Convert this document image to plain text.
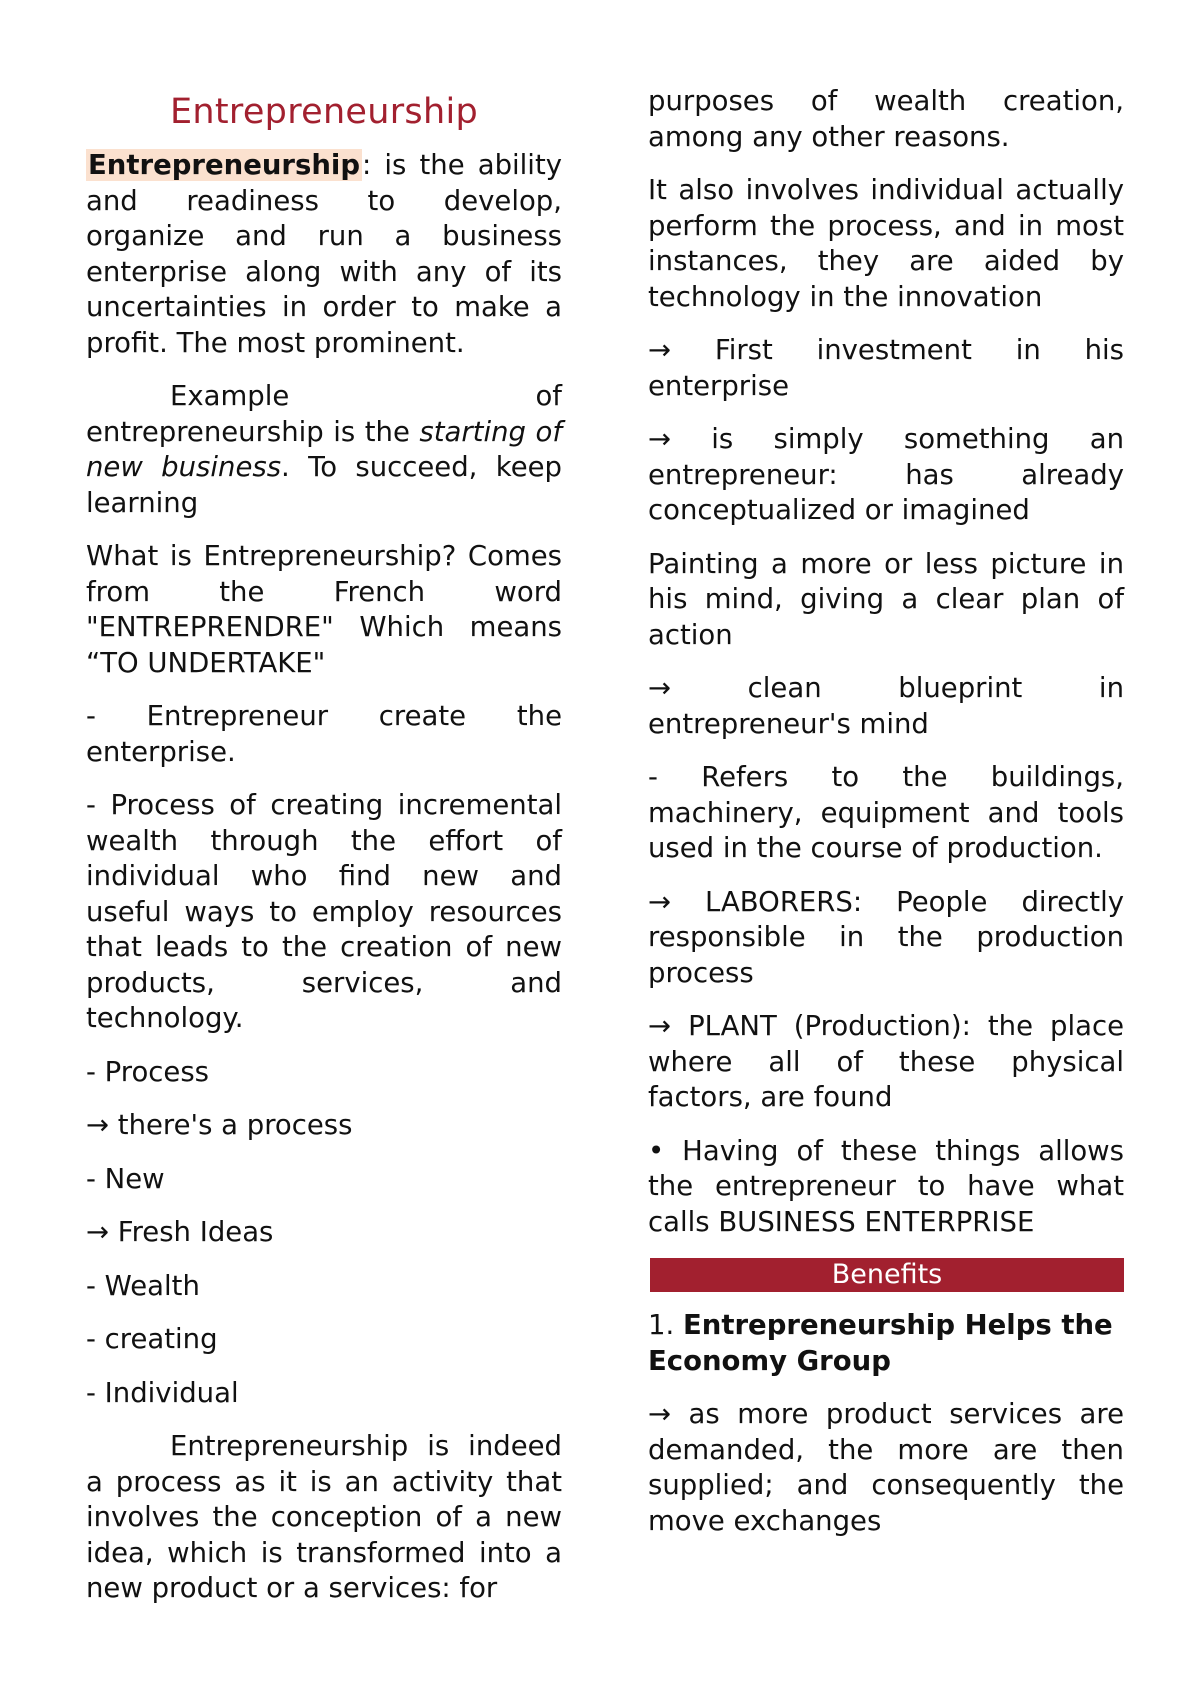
Entrepreneurship

Entrepreneurship: is the ability and readiness to develop, organize and run a business enterprise along with any of its uncertainties in order to make a profit. The most prominent.

Example of entrepreneurship is the starting of new business. To succeed, keep learning

What is Entrepreneurship? Comes from the French word "ENTREPRENDRE" Which means “TO UNDERTAKE"

- Entrepreneur create the enterprise.

- Process of creating incremental wealth through the effort of individual who find new and useful ways to employ resources that leads to the creation of new products, services, and technology.

- Process

→ there's a process

- New

→ Fresh Ideas

- Wealth

- creating

- Individual

Entrepreneurship is indeed a process as it is an activity that involves the conception of a new idea, which is transformed into a new product or a services: for

purposes of wealth creation, among any other reasons.

It also involves individual actually perform the process, and in most instances, they are aided by technology in the innovation

→ First investment in his enterprise

→ is simply something an entrepreneur: has already conceptualized or imagined

Painting a more or less picture in his mind, giving a clear plan of action

→ clean blueprint in entrepreneur's mind

- Refers to the buildings, machinery, equipment and tools used in the course of production.

→ LABORERS: People directly responsible in the production process

→ PLANT (Production): the place where all of these physical factors, are found

• Having of these things allows the entrepreneur to have what calls BUSINESS ENTERPRISE

Benefits

1. Entrepreneurship Helps the Economy Group

→ as more product services are demanded, the more are then supplied; and consequently the move exchanges
